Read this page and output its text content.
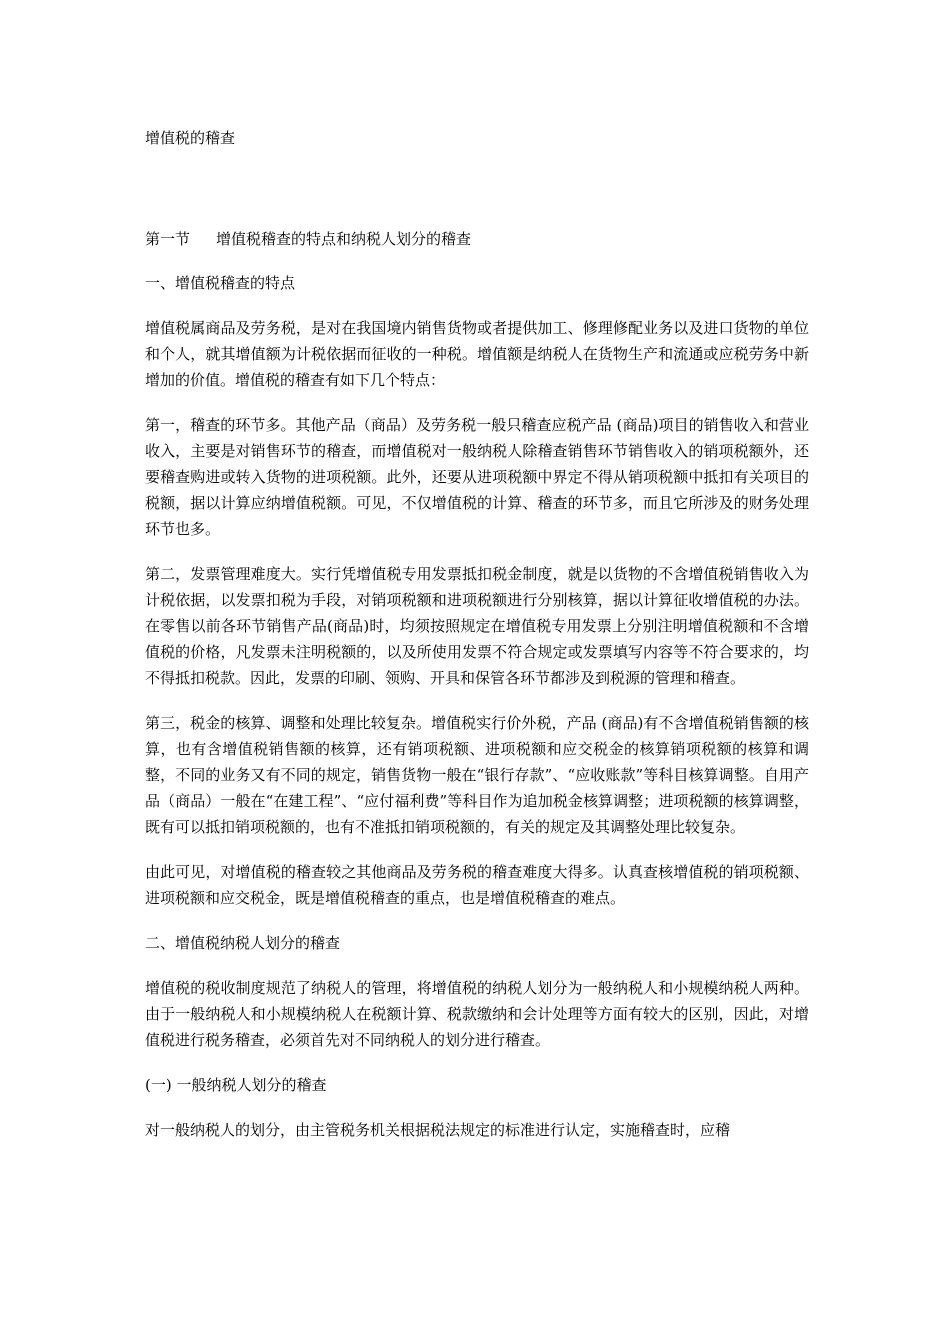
增值税的稽查
第一节 增值税稽查的特点和纳税人划分的稽查
一、增值税稽查的特点

增值税属商品及劳务税，是对在我国境内销售货物或者提供加工、修理修配业务以及进口货物的单位和个人，就其增值额为计税依据而征收的一种税。增值额是纳税人在货物生产和流通或应税劳务中新增加的价值。增值税的稽查有如下几个特点：

第一，稽查的环节多。其他产品（商品）及劳务税一般只稽查应税产品 (商品)项目的销售收入和营业收入，主要是对销售环节的稽查，而增值税对一般纳税人除稽查销售环节销售收入的销项税额外，还要稽查购进或转入货物的进项税额。此外，还要从进项税额中界定不得从销项税额中抵扣有关项目的税额，据以计算应纳增值税额。可见，不仅增值税的计算、稽查的环节多，而且它所涉及的财务处理环节也多。

第二，发票管理难度大。实行凭增值税专用发票抵扣税金制度，就是以货物的不含增值税销售收入为计税依据，以发票扣税为手段，对销项税额和进项税额进行分别核算，据以计算征收增值税的办法。在零售以前各环节销售产品(商品)时，均须按照规定在增值税专用发票上分别注明增值税额和不含增值税的价格，凡发票未注明税额的，以及所使用发票不符合规定或发票填写内容等不符合要求的，均不得抵扣税款。因此，发票的印刷、领购、开具和保管各环节都涉及到税源的管理和稽查。

第三，税金的核算、调整和处理比较复杂。增值税实行价外税，产品 (商品)有不含增值税销售额的核算，也有含增值税销售额的核算，还有销项税额、进项税额和应交税金的核算销项税额的核算和调整，不同的业务又有不同的规定，销售货物一般在“银行存款”、“应收账款”等科目核算调整。自用产品（商品）一般在“在建工程”、“应付福利费”等科目作为追加税金核算调整；进项税额的核算调整，既有可以抵扣销项税额的，也有不准抵扣销项税额的，有关的规定及其调整处理比较复杂。

由此可见，对增值税的稽查较之其他商品及劳务税的稽查难度大得多。认真查核增值税的销项税额、进项税额和应交税金，既是增值税稽查的重点，也是增值税稽查的难点。

二、增值税纳税人划分的稽查

增值税的税收制度规范了纳税人的管理，将增值税的纳税人划分为一般纳税人和小规模纳税人两种。由于一般纳税人和小规模纳税人在税额计算、税款缴纳和会计处理等方面有较大的区别，因此，对增值税进行税务稽查，必须首先对不同纳税人的划分进行稽查。

(一) 一般纳税人划分的稽查

对一般纳税人的划分，由主管税务机关根据税法规定的标准进行认定，实施稽查时，应稽
